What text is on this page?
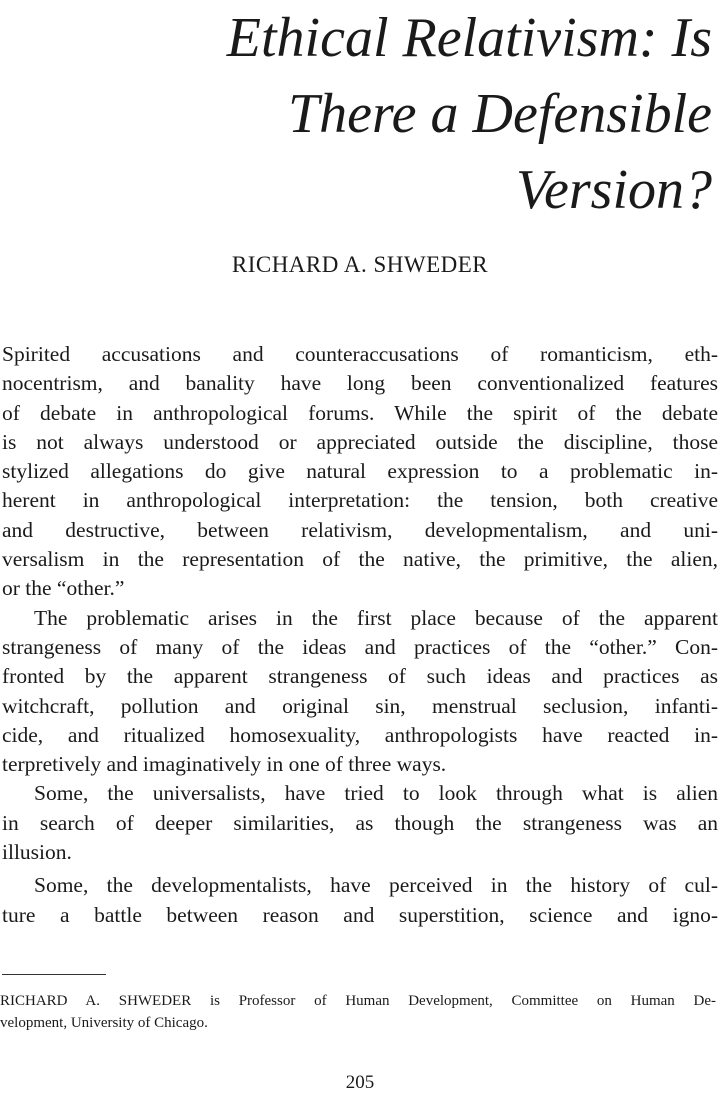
Ethical Relativism: Is
There a Defensible
Version?
RICHARD A. SHWEDER
Spirited accusations and counteraccusations of romanticism, eth-
nocentrism, and banality have long been conventionalized features
of debate in anthropological forums. While the spirit of the debate
is not always understood or appreciated outside the discipline, those
stylized allegations do give natural expression to a problematic in-
herent in anthropological interpretation: the tension, both creative
and destructive, between relativism, developmentalism, and uni-
versalism in the representation of the native, the primitive, the alien,
or the “other.”
The problematic arises in the first place because of the apparent
strangeness of many of the ideas and practices of the “other.” Con-
fronted by the apparent strangeness of such ideas and practices as
witchcraft, pollution and original sin, menstrual seclusion, infanti-
cide, and ritualized homosexuality, anthropologists have reacted in-
terpretively and imaginatively in one of three ways.
Some, the universalists, have tried to look through what is alien
in search of deeper similarities, as though the strangeness was an
illusion.
Some, the developmentalists, have perceived in the history of cul-
ture a battle between reason and superstition, science and igno-
RICHARD A. SHWEDER is Professor of Human Development, Committee on Human De-
velopment, University of Chicago.
205
